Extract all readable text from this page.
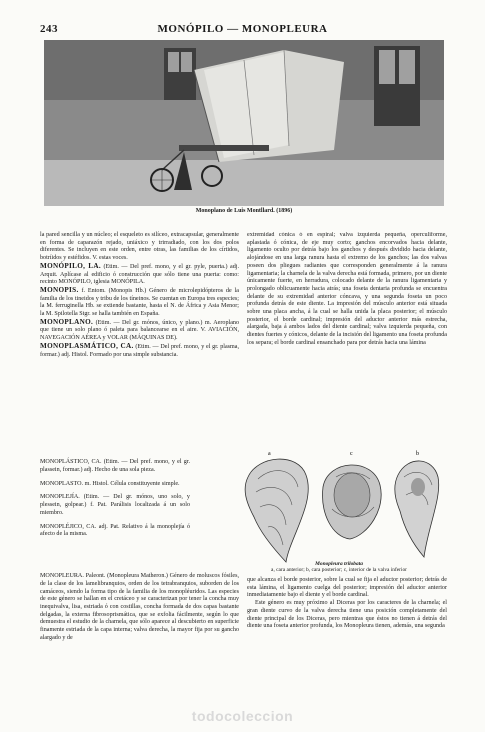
243	MONÓPILO — MONOPLEURA
Monoplano de Luis Montllard. (1896)

la pared sencilla y un núcleo; el esqueleto es silíceo, extracapsular, generalmente en forma de caparazón rejado, uniáxico y trirradiado, con los dos polos diferentes. Se incluyen en este orden, entre otras, las familias de los círtidos, botríidos y estéfidos. V. estas voces.

MONÓPILO, LA. (Etim. — Del pref. mono, y el gr. pyle, puerta.) adj. Arquit. Aplícase al edificio ó construcción que sólo tiene una puerta: como: recinto MONÓPILO, iglesia MONÓPILA.

MONOPIS. f. Entom. (Monopis Hb.) Género de microlepidópteros de la familia de los tineidos y tribu de los tíneinos. Se cuentan en Europa tres especies; la M. ferruginella Hb. se extiende bastante, hasta el N. de África y Asia Menor; la M. Spilotella Stgr. se halla también en España.

MONOPLANO. (Etim. — Del gr. mónos, único, y plano.) m. Aeroplano que tiene un solo plano ó paleta para balancearse en el aire. V. AVIACIÓN, NAVEGACIÓN AÉREA y VOLAR (MÁQUINAS DE).

MONOPLASMÁTICO, CA. (Etim. — Del pref. mono, y el gr. plasma, formar.) adj. Histol. Formado por una simple substancia.

MONOPLÁSTICO, CA. (Etim. — Del pref. mono, y el gr. plassein, formar.) adj. Hecho de una sola pieza.

MONOPLASTO. m. Histol. Célula constituyente simple.

MONOPLEJÍA. (Etim. — Del gr. mónos, uno solo, y plessein, golpear.) f. Pat. Parálisis localizada á un solo miembro.

MONOPLÉJICO, CA. adj. Pat. Relativo á la monoplejía ó afecto de la misma.

MONOPLEURA. Paleont. (Monopleura Matheron.) Género de moluscos fósiles, de la clase de los lamelibranquios, orden de los tetrabranquios, suborden de los camáceos, siendo la forma tipo de la familia de los monopléuridos. Las especies de este género se hallan en el cretáceo y se caracterizan por tener la concha muy inequivalva, lisa, estriada ó con costillas, concha formada de dos capas bastante delgadas, la externa fibrosoprismática, que se exfolia fácilmente, según lo que demuestra el estudio de la charnela, que sólo aparece al descubierto en superficie finamente estriada de la capa interna; valva derecha, la mayor fija por su gancho alargado y de

extremidad cónica ó en espiral; valva izquierda pequeña, operculiforme, aplastada ó cónica, de eje muy corto; ganchos encorvados hacia delante, ligamento oculto por detrás bajo los ganchos y después dividido hacia delante, alojándose en una larga ranura hasta el extremo de los ganchos; las dos valvas poseen dos pliegues radiantes que corresponden generalmente á la ranura ligamentaria; la charnela de la valva derecha está formada, primero, por un diente únicamente fuerte, en herradura, colocado delante de la ranura ligamentaria y prolongado oblicuamente hacia atrás; una foseta dentaria profunda se encuentra delante de su extremidad anterior cóncava, y una segunda foseta un poco profunda detrás de este diente. La impresión del músculo anterior está situada sobre una placa ancha, á la cual se halla unida la placa posterior; el músculo posterior, el borde cardinal; impresión del aductor anterior más estrecha, alargada, baja á ambos lados del diente cardinal; valva izquierda pequeña, con dientes fuertes y cónicos, delante de la incisión del ligamento una foseta profunda los separa; el borde cardinal ensanchado para por detrás hacia una lámina

a	c	b
Monopleura trilobata
a, cara anterior; b, cara posterior; c, interior de la valva inferior

que alcanza el borde posterior, sobre la cual se fija el aductor posterior; detrás de esta lámina, el ligamento cuelga del posterior; impresión del aductor anterior inmediatamente bajo el diente y el borde cardinal.

Este género es muy próximo al Diceras por los caracteres de la charnela; el gran diente curvo de la valva derecha tiene una posición completamente del diente principal de los Diceras, pero mientras que éstos no tienen á detrás del diente una foseta anterior profunda, los Monopleura tienen, además, una segunda

todocoleccion
